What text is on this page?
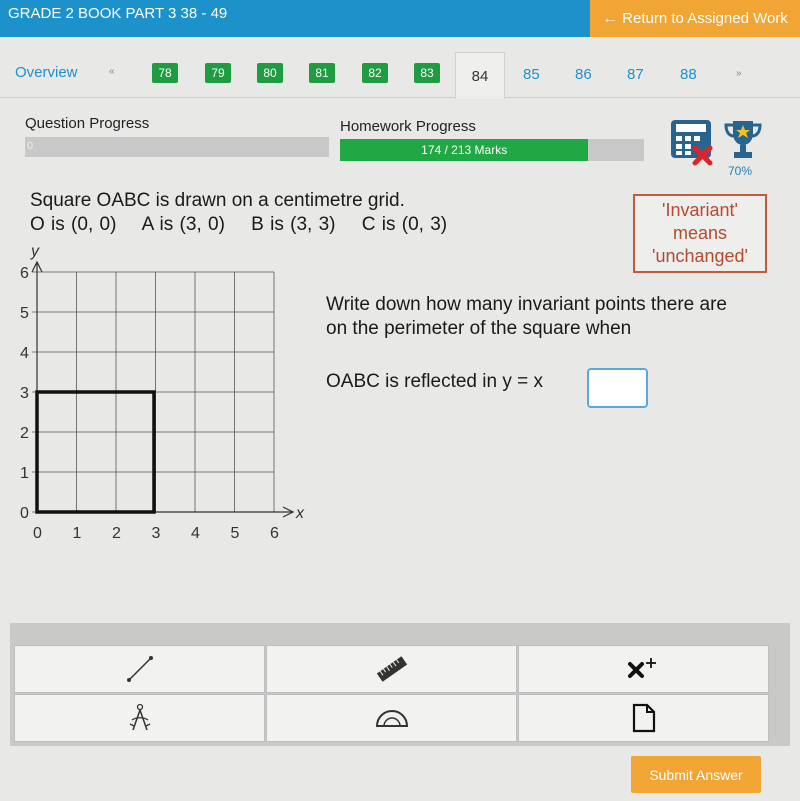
GRADE 2 BOOK PART 3 38 - 49	← Return to Assigned Work
Overview	«	78	79	80	81	82	83	84	85 86 87 88	»
Question Progress
0
Homework Progress
174 / 213 Marks
70%
Square OABC is drawn on a centimetre grid.
O is (0, 0) A is (3, 0) B is (3, 3) C is (0, 3)
'Invariant'
means
'unchanged'
0 1 2 3 4 5 6
0
1
2
3
4
5
6
x
y
Write down how many invariant points there are
on the perimeter of the square when
OABC is reflected in y = x
Submit Answer
